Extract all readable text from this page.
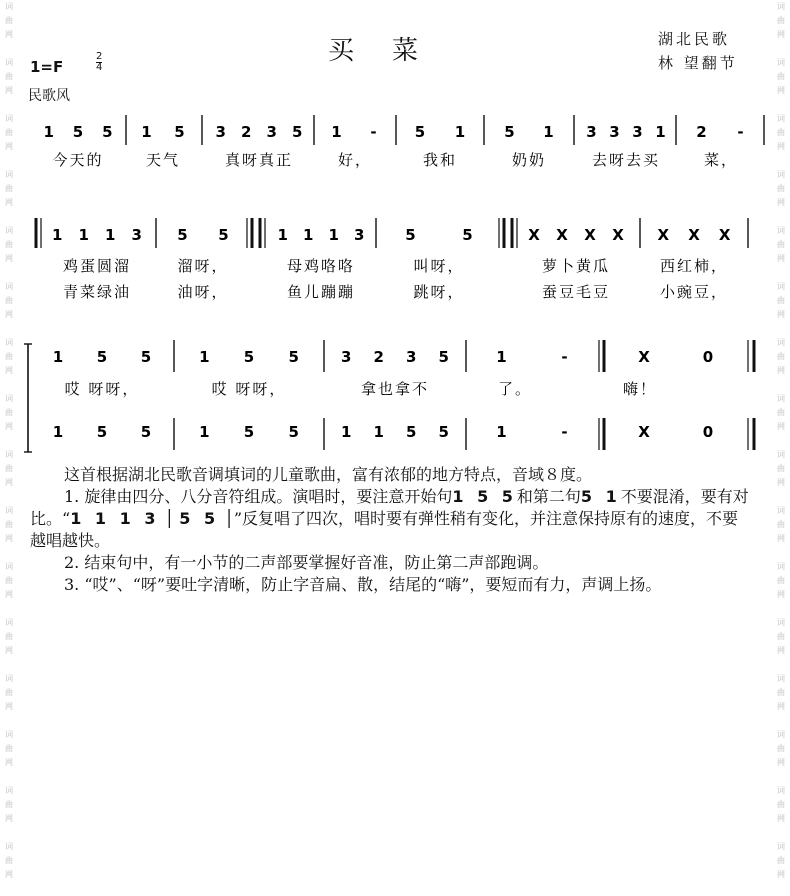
词
曲
网

词
曲
网

词
曲
网

词
曲
网

词
曲
网

词
曲
网

词
曲
网

词
曲
网

词
曲
网

词
曲
网

词
曲
网

词
曲
网

词
曲
网

词
曲
网

词
曲
网

词
曲
网

词
曲
网

词
曲
网

词
曲
网

词
曲
网

词
曲
网

词
曲
网

词
曲
网

词
曲
网

词
曲
网

词
曲
网

词
曲
网

词
曲
网

词
曲
网

词
曲
网

词
曲
网

词
曲
网

买菜	湖北民歌
林 望翻节
1=F
2
4
民歌风
1 5 5 1 5 3 2 3 5 1 -	5 1	5 1 3 3 3 1 2 -
1 1 1 3 5 5	1 1 1 3	5	5	X X X X X X X
1 5 5	1 5 5	3 2 3 5	1	-	X	0
1 5 5	1 5 5	1 1 5 5	1	-	X	0
今天的	天气	真呀真正	好，	我和	奶奶	去呀去买	菜，
鸡蛋圆溜	溜呀，	母鸡咯咯	叫呀，	萝卜黄瓜	西红柿，
青菜绿油	油呀，	鱼儿蹦蹦	跳呀，	蚕豆毛豆	小豌豆，
哎 呀呀，	哎 呀呀，	拿也拿不	了。	嗨！

这首根据湖北民歌音调填词的儿童歌曲，富有浓郁的地方特点，音域８度。

1. 旋律由四分、八分音符组成。演唱时，要注意开始句1 5 5和第二句5 1不要混淆，要有对比。“1 1 1 3 │ 5 5 │”反复唱了四次，唱时要有弹性稍有变化，并注意保持原有的速度，不要越唱越快。

2. 结束句中，有一小节的二声部要掌握好音准，防止第二声部跑调。

3. “哎”、“呀”要吐字清晰，防止字音扁、散，结尾的“嗨”，要短而有力，声调上扬。
